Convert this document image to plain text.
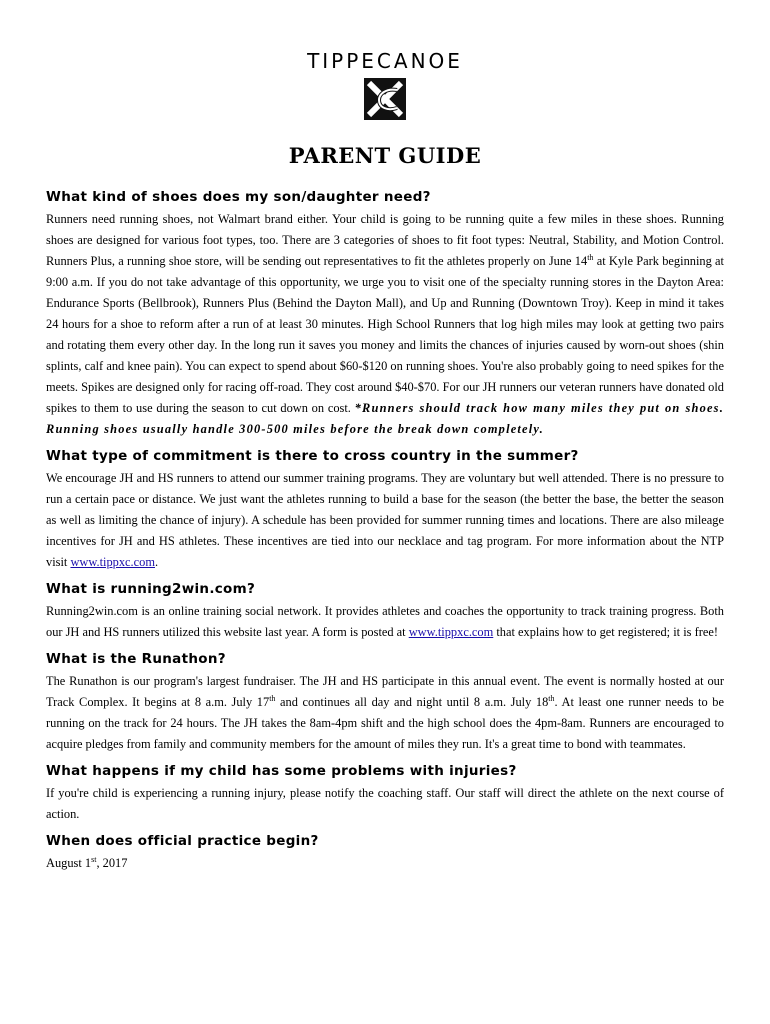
TIPPECANOE
PARENT GUIDE
What kind of shoes does my son/daughter need?

Runners need running shoes, not Walmart brand either. Your child is going to be running quite a few miles in these shoes. Running shoes are designed for various foot types, too. There are 3 categories of shoes to fit foot types: Neutral, Stability, and Motion Control. Runners Plus, a running shoe store, will be sending out representatives to fit the athletes properly on June 14th at Kyle Park beginning at 9:00 a.m. If you do not take advantage of this opportunity, we urge you to visit one of the specialty running stores in the Dayton Area: Endurance Sports (Bellbrook), Runners Plus (Behind the Dayton Mall), and Up and Running (Downtown Troy). Keep in mind it takes 24 hours for a shoe to reform after a run of at least 30 minutes. High School Runners that log high miles may look at getting two pairs and rotating them every other day. In the long run it saves you money and limits the chances of injuries caused by worn-out shoes (shin splints, calf and knee pain). You can expect to spend about $60-$120 on running shoes. You're also probably going to need spikes for the meets. Spikes are designed only for racing off-road. They cost around $40-$70. For our JH runners our veteran runners have donated old spikes to them to use during the season to cut down on cost. *Runners should track how many miles they put on shoes. Running shoes usually handle 300-500 miles before the break down completely.

What type of commitment is there to cross country in the summer?

We encourage JH and HS runners to attend our summer training programs. They are voluntary but well attended. There is no pressure to run a certain pace or distance. We just want the athletes running to build a base for the season (the better the base, the better the season as well as limiting the chance of injury). A schedule has been provided for summer running times and locations. There are also mileage incentives for JH and HS athletes. These incentives are tied into our necklace and tag program. For more information about the NTP visit www.tippxc.com.

What is running2win.com?

Running2win.com is an online training social network. It provides athletes and coaches the opportunity to track training progress. Both our JH and HS runners utilized this website last year. A form is posted at www.tippxc.com that explains how to get registered; it is free!

What is the Runathon?

The Runathon is our program's largest fundraiser. The JH and HS participate in this annual event. The event is normally hosted at our Track Complex. It begins at 8 a.m. July 17th and continues all day and night until 8 a.m. July 18th. At least one runner needs to be running on the track for 24 hours. The JH takes the 8am-4pm shift and the high school does the 4pm-8am. Runners are encouraged to acquire pledges from family and community members for the amount of miles they run. It's a great time to bond with teammates.

What happens if my child has some problems with injuries?

If you're child is experiencing a running injury, please notify the coaching staff. Our staff will direct the athlete on the next course of action.

When does official practice begin?

August 1st, 2017
